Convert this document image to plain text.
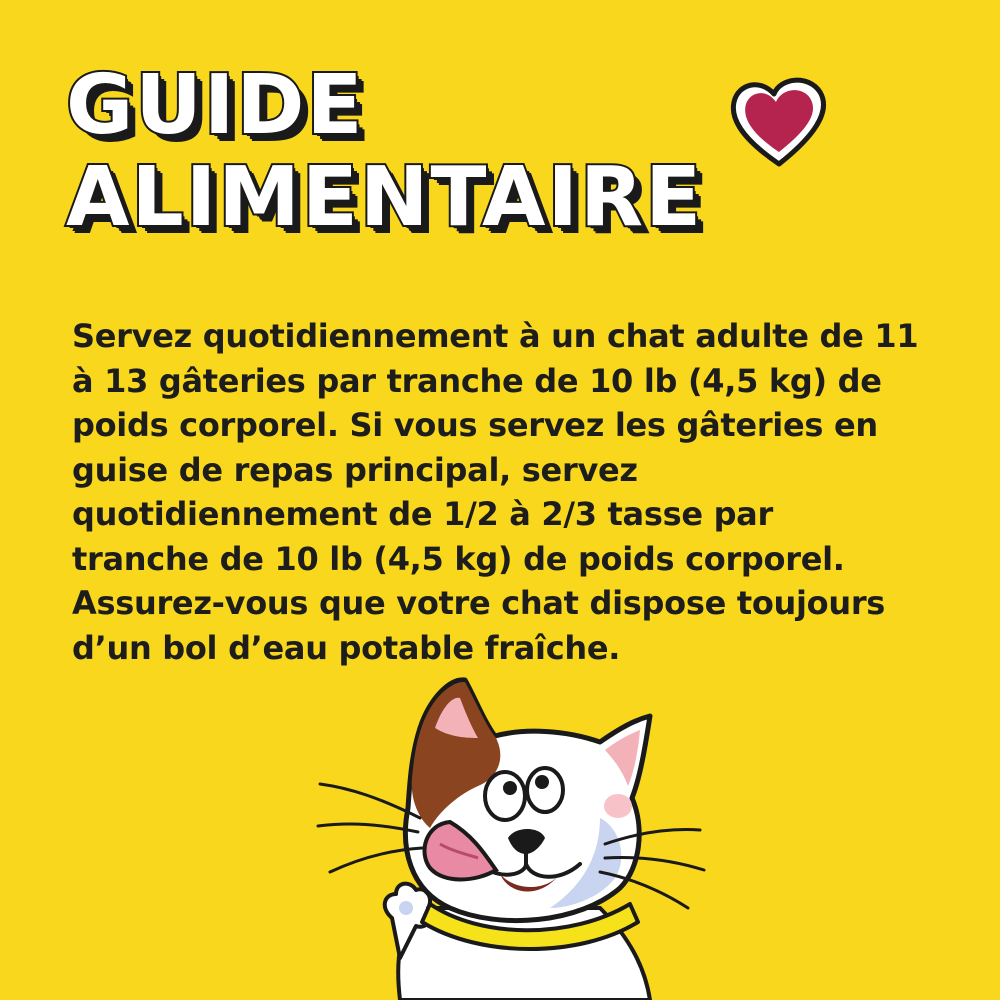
GUIDE
ALIMENTAIRE

Servez quotidiennement à un chat adulte de 11
à 13 gâteries par tranche de 10 lb (4,5 kg) de
poids corporel. Si vous servez les gâteries en
guise de repas principal, servez
quotidiennement de 1/2 à 2/3 tasse par
tranche de 10 lb (4,5 kg) de poids corporel.
Assurez-vous que votre chat dispose toujours
d’un bol d’eau potable fraîche.
